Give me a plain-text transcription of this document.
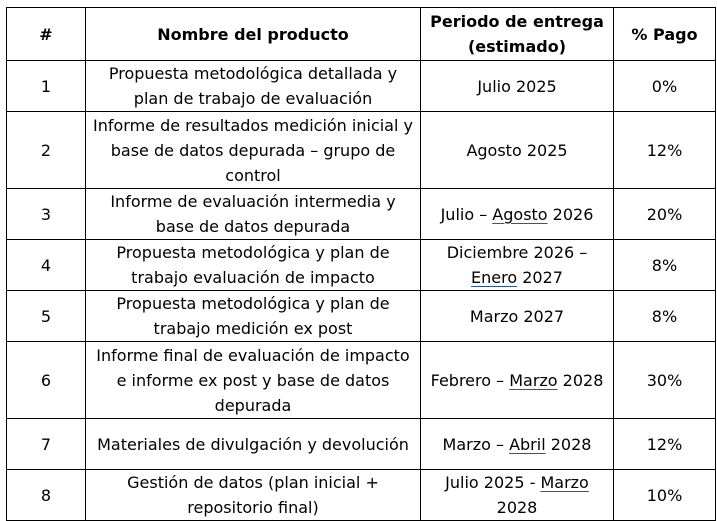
#	Nombre del producto	Periodo de entrega (estimado)	% Pago
1	Propuesta metodológica detallada y plan de trabajo de evaluación	Julio 2025	0%
2	Informe de resultados medición inicial y base de datos depurada – grupo de control	Agosto 2025	12%
3	Informe de evaluación intermedia y base de datos depurada	Julio – Agosto 2026	20%
4	Propuesta metodológica y plan de trabajo evaluación de impacto	Diciembre 2026 – Enero 2027	8%
5	Propuesta metodológica y plan de trabajo medición ex post	Marzo 2027	8%
6	Informe final de evaluación de impacto e informe ex post y base de datos depurada	Febrero – Marzo 2028	30%
7	Materiales de divulgación y devolución	Marzo – Abril 2028	12%
8	Gestión de datos (plan inicial + repositorio final)	Julio 2025 - Marzo 2028	10%
